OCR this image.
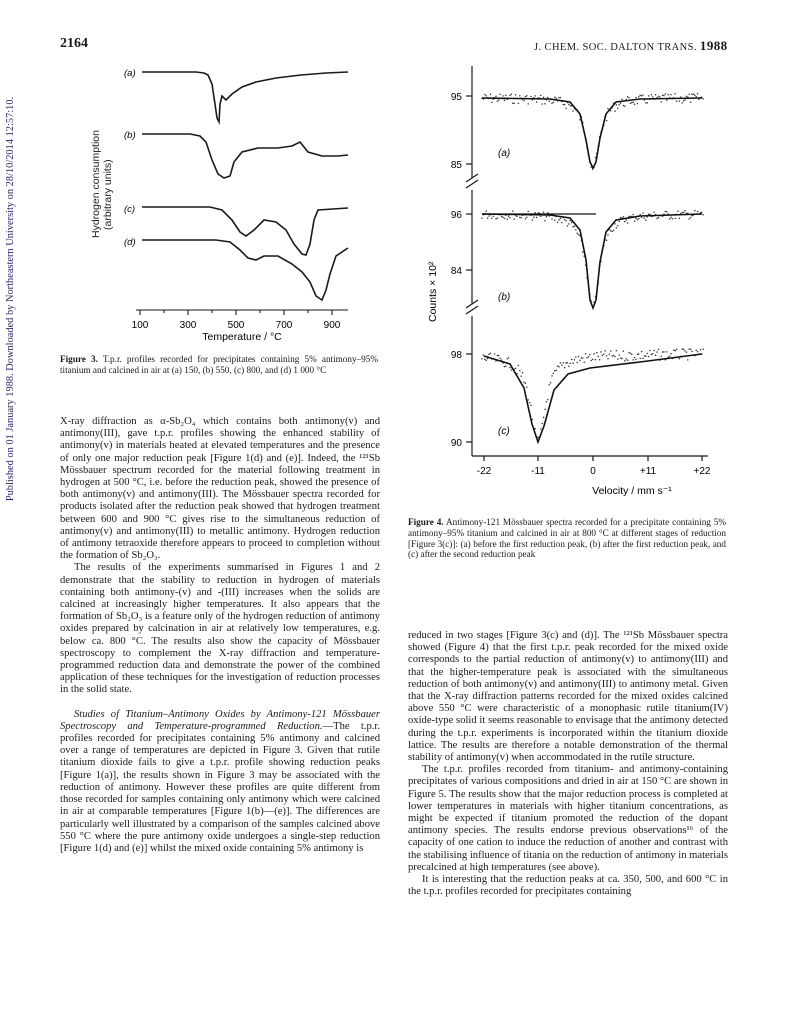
Published on 01 January 1988. Downloaded by Northeastern University on 28/10/2014 12:57:10.
2164	J. CHEM. SOC. DALTON TRANS. 1988
Hydrogen consumption (arbitrary units)
(a)
(b)
(c)
(d)
100	300	500	700	900
Temperature / °C
Figure 3. T.p.r. profiles recorded for precipitates containing 5% antimony–95% titanium and calcined in air at (a) 150, (b) 550, (c) 800, and (d) 1 000 °C
95
85
96
84
98
90
Counts × 10²
(a)
(b)
(c)
-22	-11	0	+11	+22
Velocity / mm s⁻¹
Figure 4. Antimony-121 Mössbauer spectra recorded for a precipitate containing 5% antimony–95% titanium and calcined in air at 800 °C at different stages of reduction [Figure 3(c)]: (a) before the first reduction peak, (b) after the first reduction peak, and (c) after the second reduction peak

X-ray diffraction as α-Sb₂O₄ which contains both antimony(v) and antimony(III), gave t.p.r. profiles showing the enhanced stability of antimony(v) in materials heated at elevated temperatures and the presence of only one major reduction peak [Figure 1(d) and (e)]. Indeed, the ¹²¹Sb Mössbauer spectrum recorded for the material following treatment in hydrogen at 500 °C, i.e. before the reduction peak, showed the presence of both antimony(v) and antimony(III). The Mössbauer spectra recorded for products isolated after the reduction peak showed that hydrogen treatment between 600 and 900 °C gives rise to the simultaneous reduction of antimony(v) and antimony(III) to metallic antimony. Hydrogen reduction of antimony tetraoxide therefore appears to proceed to completion without the formation of Sb₂O₃.

The results of the experiments summarised in Figures 1 and 2 demonstrate that the stability to reduction in hydrogen of materials containing both antimony-(v) and -(III) increases when the solids are calcined at increasingly higher temperatures. It also appears that the formation of Sb₂O₃ is a feature only of the hydrogen reduction of antimony oxides prepared by calcination in air at relatively low temperatures, e.g. below ca. 800 °C. The results also show the capacity of Mössbauer spectroscopy to complement the X-ray diffraction and temperature-programmed reduction data and demonstrate the power of the combined application of these techniques for the investigation of reduction processes in the solid state.

Studies of Titanium–Antimony Oxides by Antimony-121 Mössbauer Spectroscopy and Temperature-programmed Reduction.—The t.p.r. profiles recorded for precipitates containing 5% antimony and calcined over a range of temperatures are depicted in Figure 3. Given that rutile titanium dioxide fails to give a t.p.r. profile showing reduction peaks [Figure 1(a)], the results shown in Figure 3 may be associated with the reduction of antimony. However these profiles are quite different from those recorded for samples containing only antimony which were calcined in air at comparable temperatures [Figure 1(b)—(e)]. The differences are particularly well illustrated by a comparison of the samples calcined above 550 °C where the pure antimony oxide undergoes a single-step reduction [Figure 1(d) and (e)] whilst the mixed oxide containing 5% antimony is

reduced in two stages [Figure 3(c) and (d)]. The ¹²¹Sb Mössbauer spectra showed (Figure 4) that the first t.p.r. peak recorded for the mixed oxide corresponds to the partial reduction of antimony(v) to antimony(III) and that the higher-temperature peak is associated with the simultaneous reduction of both antimony(v) and antimony(III) to antimony metal. Given that the X-ray diffraction patterns recorded for the mixed oxides calcined above 550 °C were characteristic of a monophasic rutile titanium(IV) oxide-type solid it seems reasonable to envisage that the antimony detected during the t.p.r. experiments is incorporated within the titanium dioxide lattice. The results are therefore a notable demonstration of the thermal stability of antimony(v) when accommodated in the rutile structure.

The t.p.r. profiles recorded from titanium- and antimony-containing precipitates of various compositions and dried in air at 150 °C are shown in Figure 5. The results show that the major reduction process is completed at lower temperatures in materials with higher titanium concentrations, as might be expected if titanium promoted the reduction of the dopant antimony species. The results endorse previous observations¹⁶ of the capacity of one cation to induce the reduction of another and contrast with the stabilising influence of titania on the reduction of antimony in materials precalcined at high temperatures (see above).

It is interesting that the reduction peaks at ca. 350, 500, and 600 °C in the t.p.r. profiles recorded for precipitates containing
